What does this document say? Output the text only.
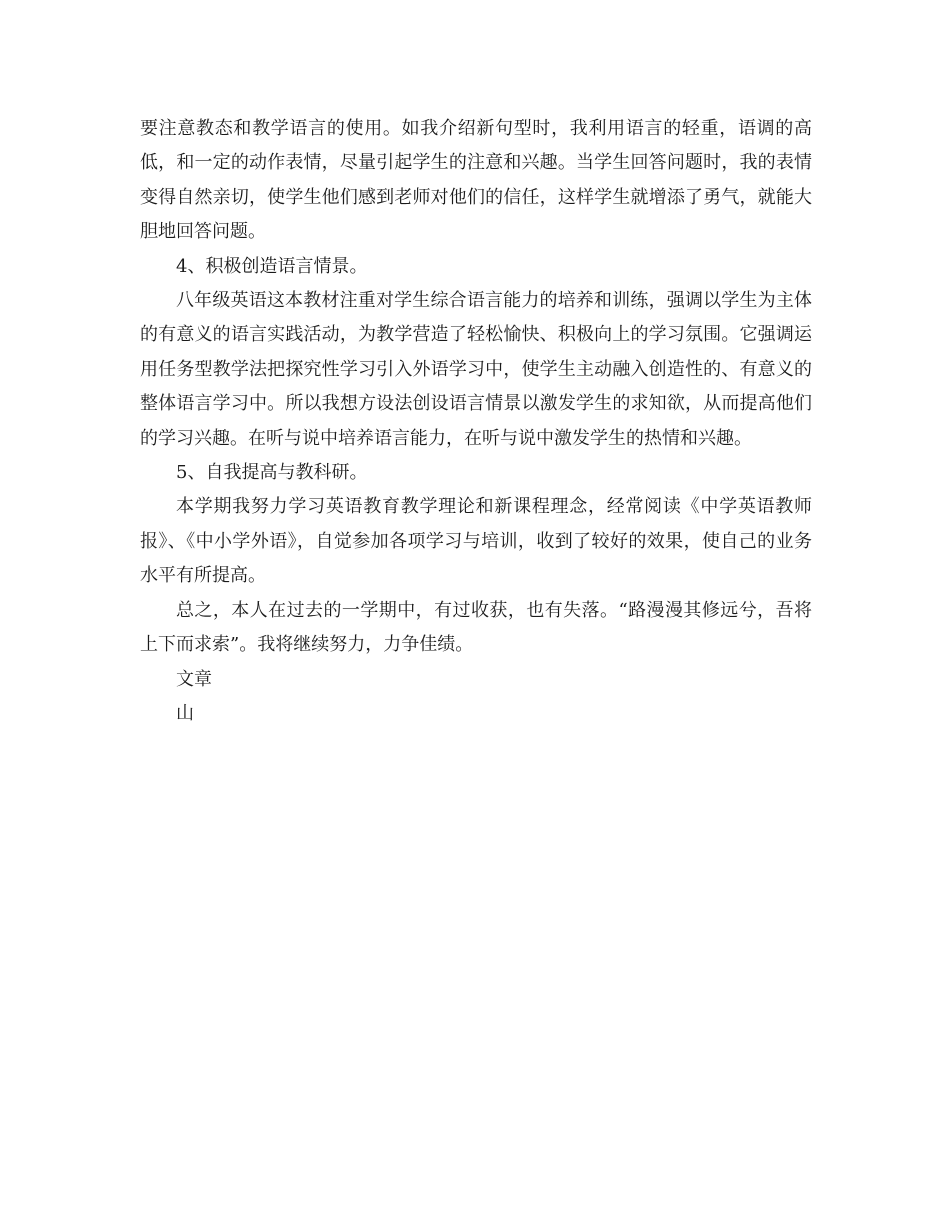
要注意教态和教学语言的使用。如我介绍新句型时，我利用语言的轻重，语调的高低，和一定的动作表情，尽量引起学生的注意和兴趣。当学生回答问题时，我的表情变得自然亲切，使学生他们感到老师对他们的信任，这样学生就增添了勇气，就能大胆地回答问题。

4、积极创造语言情景。

八年级英语这本教材注重对学生综合语言能力的培养和训练，强调以学生为主体的有意义的语言实践活动，为教学营造了轻松愉快、积极向上的学习氛围。它强调运用任务型教学法把探究性学习引入外语学习中，使学生主动融入创造性的、有意义的整体语言学习中。所以我想方设法创设语言情景以激发学生的求知欲，从而提高他们的学习兴趣。在听与说中培养语言能力，在听与说中激发学生的热情和兴趣。

5、自我提高与教科研。

本学期我努力学习英语教育教学理论和新课程理念，经常阅读《中学英语教师报》、《中小学外语》，自觉参加各项学习与培训，收到了较好的效果，使自己的业务水平有所提高。

总之，本人在过去的一学期中，有过收获，也有失落。“路漫漫其修远兮，吾将上下而求索”。我将继续努力，力争佳绩。

文章

山
